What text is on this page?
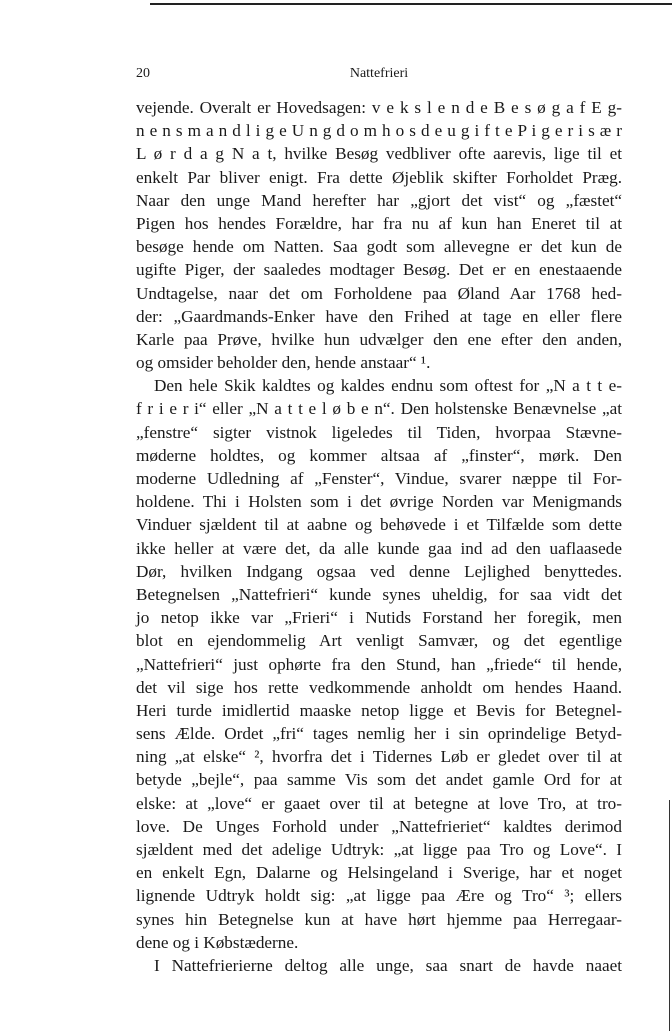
20	Nattefrieri
vejende. Overalt er Hovedsagen: v e k s l e n d e B e s ø g a f E g-
n e n s m a n d l i g e U n g d o m h o s d e u g i f t e P i g e r i s æ r
L ø r d a g N a t, hvilke Besøg vedbliver ofte aarevis, lige til et
enkelt Par bliver enigt. Fra dette Øjeblik skifter Forholdet Præg.
Naar den unge Mand herefter har „gjort det vist“ og „fæstet“
Pigen hos hendes Forældre, har fra nu af kun han Eneret til at
besøge hende om Natten. Saa godt som allevegne er det kun de
ugifte Piger, der saaledes modtager Besøg. Det er en enestaaende
Undtagelse, naar det om Forholdene paa Øland Aar 1768 hed-
der: „Gaardmands-Enker have den Frihed at tage en eller flere
Karle paa Prøve, hvilke hun udvælger den ene efter den anden,
og omsider beholder den, hende anstaar“ ¹.
Den hele Skik kaldtes og kaldes endnu som oftest for „N a t t e-
f r i e r i“ eller „N a t t e l ø b e n“. Den holstenske Benævnelse „at
„fenstre“ sigter vistnok ligeledes til Tiden, hvorpaa Stævne-
møderne holdtes, og kommer altsaa af „finster“, mørk. Den
moderne Udledning af „Fenster“, Vindue, svarer næppe til For-
holdene. Thi i Holsten som i det øvrige Norden var Menigmands
Vinduer sjældent til at aabne og behøvede i et Tilfælde som dette
ikke heller at være det, da alle kunde gaa ind ad den uaflaasede
Dør, hvilken Indgang ogsaa ved denne Lejlighed benyttedes.
Betegnelsen „Nattefrieri“ kunde synes uheldig, for saa vidt det
jo netop ikke var „Frieri“ i Nutids Forstand her foregik, men
blot en ejendommelig Art venligt Samvær, og det egentlige
„Nattefrieri“ just ophørte fra den Stund, han „friede“ til hende,
det vil sige hos rette vedkommende anholdt om hendes Haand.
Heri turde imidlertid maaske netop ligge et Bevis for Betegnel-
sens Ælde. Ordet „fri“ tages nemlig her i sin oprindelige Betyd-
ning „at elske“ ², hvorfra det i Tidernes Løb er gledet over til at
betyde „bejle“, paa samme Vis som det andet gamle Ord for at
elske: at „love“ er gaaet over til at betegne at love Tro, at tro-
love. De Unges Forhold under „Nattefrieriet“ kaldtes derimod
sjældent med det adelige Udtryk: „at ligge paa Tro og Love“. I
en enkelt Egn, Dalarne og Helsingeland i Sverige, har et noget
lignende Udtryk holdt sig: „at ligge paa Ære og Tro“ ³; ellers
synes hin Betegnelse kun at have hørt hjemme paa Herregaar-
dene og i Købstæderne.
I Nattefrierierne deltog alle unge, saa snart de havde naaet
